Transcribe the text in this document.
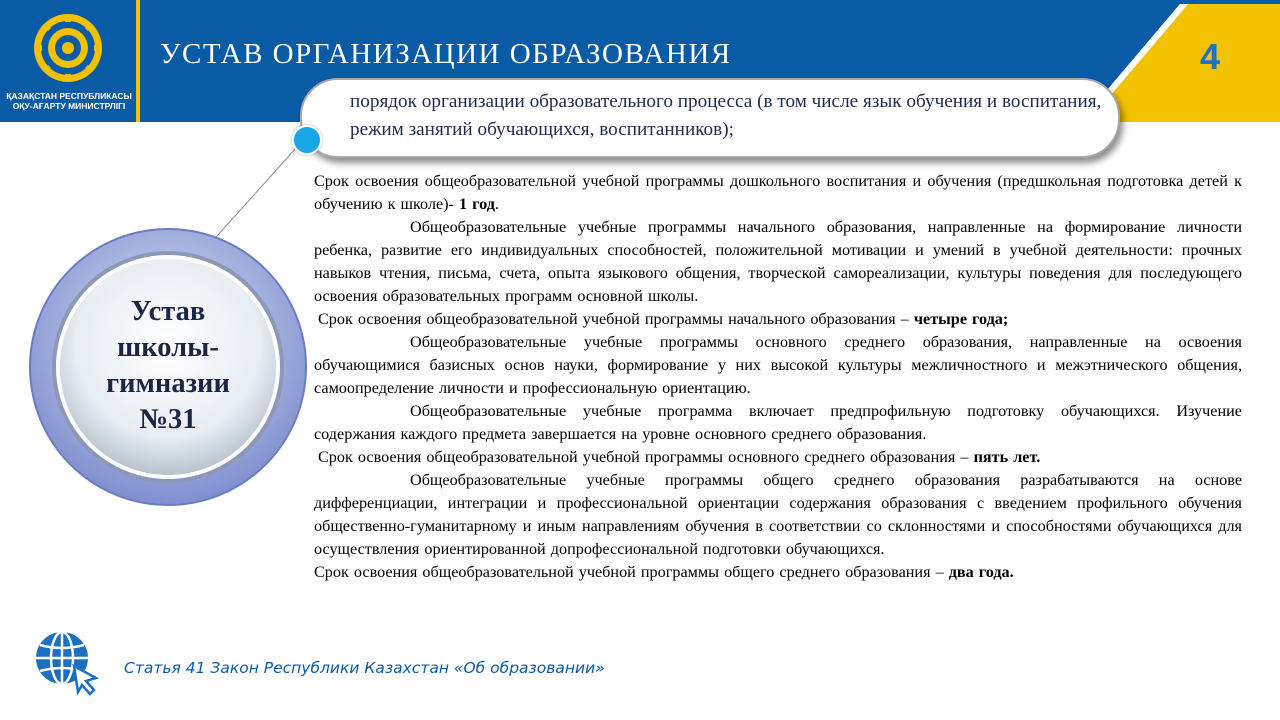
ҚАЗАҚСТАН РЕСПУБЛИКАСЫ
ОҚУ-АҒАРТУ МИНИСТРЛІГІ
УСТАВ ОРГАНИЗАЦИИ ОБРАЗОВАНИЯ	4
порядок организации образовательного процесса (в том числе язык обучения и воспитания, режим занятий обучающихся, воспитанников);
Устав
школы-
гимназии
№31

Срок освоения общеобразовательной учебной программы дошкольного воспитания и обучения (предшкольная подготовка детей к обучению к школе)- 1 год.

Общеобразовательные учебные программы начального образования, направленные на формирование личности ребенка, развитие его индивидуальных способностей, положительной мотивации и умений в учебной деятельности: прочных навыков чтения, письма, счета, опыта языкового общения, творческой самореализации, культуры поведения для последующего освоения образовательных программ основной школы.

Срок освоения общеобразовательной учебной программы начального образования – четыре года;

Общеобразовательные учебные программы основного среднего образования, направленные на освоения обучающимися базисных основ науки, формирование у них высокой культуры межличностного и межэтнического общения, самоопределение личности и профессиональную ориентацию.

Общеобразовательные учебные программа включает предпрофильную подготовку обучающихся. Изучение содержания каждого предмета завершается на уровне основного среднего образования.

Срок освоения общеобразовательной учебной программы основного среднего образования – пять лет.

Общеобразовательные учебные программы общего среднего образования разрабатываются на основе дифференциации, интеграции и профессиональной ориентации содержания образования с введением профильного обучения общественно-гуманитарному и иным направлениям обучения в соответствии со склонностями и способностями обучающихся для осуществления ориентированной допрофессиональной подготовки обучающихся.

Срок освоения общеобразовательной учебной программы общего среднего образования – два года.

Статья 41 Закон Республики Казахстан «Об образовании»
